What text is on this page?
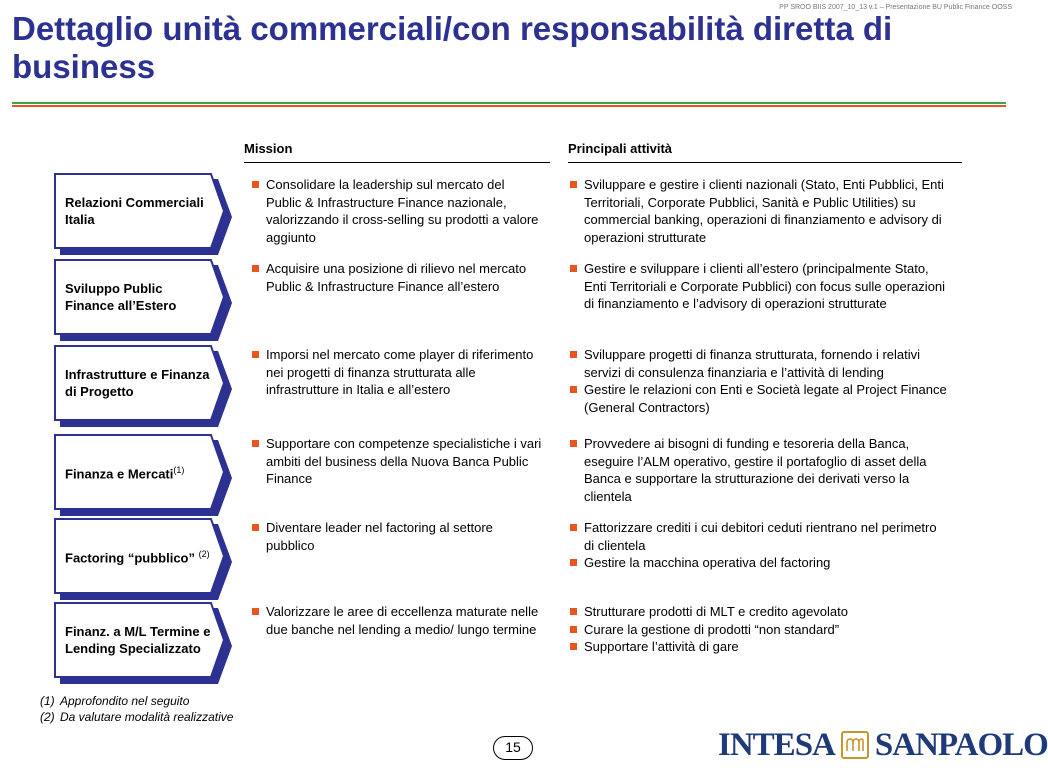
PP SROO BIIS 2007_10_13 v.1 – Presentazione BU Public Finance OOSS
Dettaglio unità commerciali/con responsabilità diretta di business
Mission	Principali attività
Relazioni Commerciali Italia
Consolidare la leadership sul mercato del Public & Infrastructure Finance nazionale, valorizzando il cross-selling su prodotti a valore aggiunto
Sviluppare e gestire i clienti nazionali (Stato, Enti Pubblici, Enti Territoriali, Corporate Pubblici, Sanità e Public Utilities) su commercial banking, operazioni di finanziamento e advisory di operazioni strutturate
Sviluppo Public Finance all’Estero
Acquisire una posizione di rilievo nel mercato Public & Infrastructure Finance all’estero
Gestire e sviluppare i clienti all’estero (principalmente Stato, Enti Territoriali e Corporate Pubblici) con focus sulle operazioni di finanziamento e l’advisory di operazioni strutturate
Infrastrutture e Finanza di Progetto
Imporsi nel mercato come player di riferimento nei progetti di finanza strutturata alle infrastrutture in Italia e all’estero
Sviluppare progetti di finanza strutturata, fornendo i relativi servizi di consulenza finanziaria e l’attività di lending
Gestire le relazioni con Enti e Società legate al Project Finance (General Contractors)
Finanza e Mercati$^{(1)}$
Supportare con competenze specialistiche i vari ambiti del business della Nuova Banca Public Finance
Provvedere ai bisogni di funding e tesoreria della Banca, eseguire l’ALM operativo, gestire il portafoglio di asset della Banca e supportare la strutturazione dei derivati verso la clientela
Factoring “pubblico” $^{(2)}$
Diventare leader nel factoring al settore pubblico
Fattorizzare crediti i cui debitori ceduti rientrano nel perimetro di clientela
Gestire la macchina operativa del factoring
Finanz. a M/L Termine e Lending Specializzato
Valorizzare le aree di eccellenza maturate nelle due banche nel lending a medio/ lungo termine
Strutturare prodotti di MLT e credito agevolato
Curare la gestione di prodotti “non standard”
Supportare l’attività di gare
(1) Approfondito nel seguito
(2) Da valutare modalità realizzative
15	INTESA SANPAOLO
